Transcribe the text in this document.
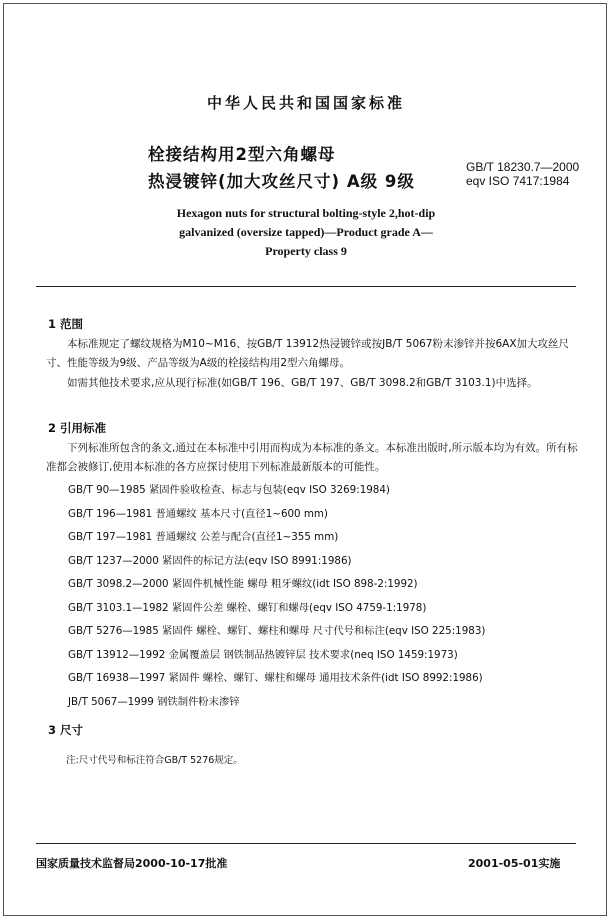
中华人民共和国国家标准
栓接结构用2型六角螺母
热浸镀锌(加大攻丝尺寸) A级 9级
GB/T 18230.7—2000
eqv ISO 7417:1984
Hexagon nuts for structural bolting-style 2,hot-dip
galvanized (oversize tapped)—Product grade A—
Property class 9
1 范围
本标准规定了螺纹规格为M10~M16、按GB/T 13912热浸镀锌或按JB/T 5067粉末渗锌并按6AX加大攻丝尺寸、性能等级为9级、产品等级为A级的栓接结构用2型六角螺母。
如需其他技术要求,应从现行标准(如GB/T 196、GB/T 197、GB/T 3098.2和GB/T 3103.1)中选择。
2 引用标准
下列标准所包含的条文,通过在本标准中引用而构成为本标准的条文。本标准出版时,所示版本均为有效。所有标准都会被修订,使用本标准的各方应探讨使用下列标准最新版本的可能性。
GB/T 90—1985 紧固件验收检查、标志与包装(eqv ISO 3269:1984)
GB/T 196—1981 普通螺纹 基本尺寸(直径1~600 mm)
GB/T 197—1981 普通螺纹 公差与配合(直径1~355 mm)
GB/T 1237—2000 紧固件的标记方法(eqv ISO 8991:1986)
GB/T 3098.2—2000 紧固件机械性能 螺母 粗牙螺纹(idt ISO 898-2:1992)
GB/T 3103.1—1982 紧固件公差 螺栓、螺钉和螺母(eqv ISO 4759-1:1978)
GB/T 5276—1985 紧固件 螺栓、螺钉、螺柱和螺母 尺寸代号和标注(eqv ISO 225:1983)
GB/T 13912—1992 金属覆盖层 钢铁制品热镀锌层 技术要求(neq ISO 1459:1973)
GB/T 16938—1997 紧固件 螺栓、螺钉、螺柱和螺母 通用技术条件(idt ISO 8992:1986)
JB/T 5067—1999 钢铁制件粉末渗锌
3 尺寸
注:尺寸代号和标注符合GB/T 5276规定。
国家质量技术监督局2000-10-17批准	2001-05-01实施
